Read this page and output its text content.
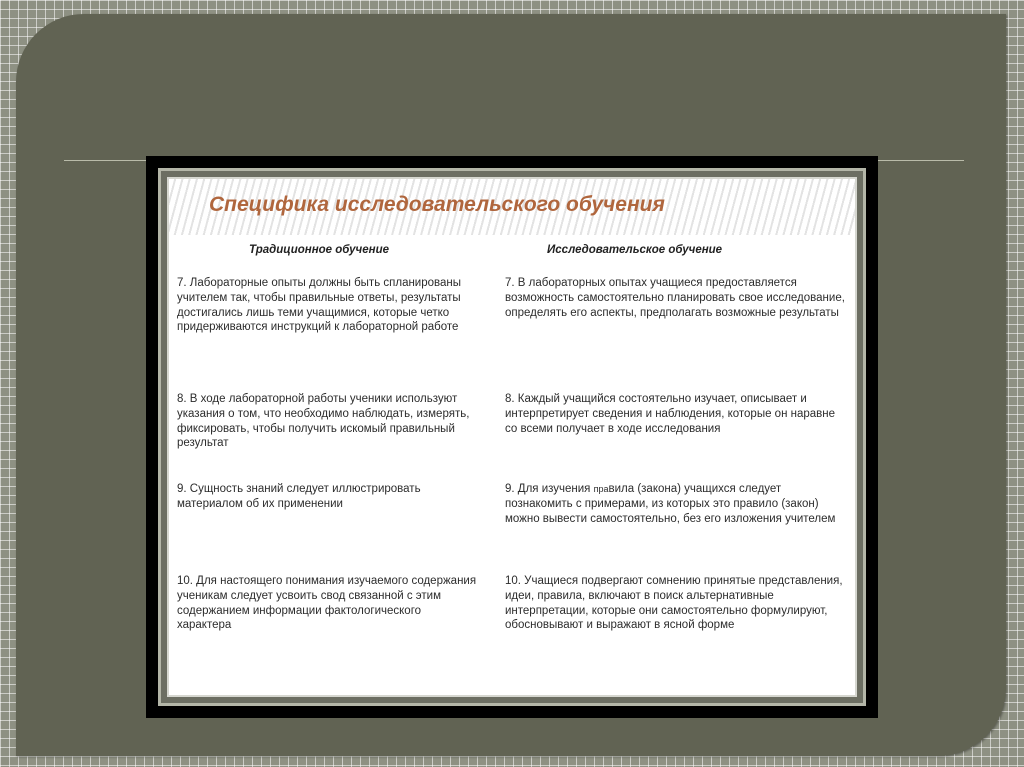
Специфика исследовательского обучения
Традиционное обучение	Исследовательское обучение

7. Лабораторные опыты должны быть спланированы учителем так, чтобы правильные ответы, результаты достигались лишь теми учащимися, которые четко придерживаются инструкций к лабораторной работе

7. В лабораторных опытах учащиеся предоставляется возможность самостоятельно планировать свое исследование, определять его аспекты, предполагать возможные результаты

8. В ходе лабораторной работы ученики используют указания о том, что необходимо наблюдать, измерять, фиксировать, чтобы получить искомый правильный результат

8. Каждый учащийся состоятельно изучает, описывает и интерпретирует сведения и наблюдения, которые он наравне со всеми получает в ходе исследования

9. Сущность знаний следует иллюстрировать материалом об их применении

9. Для изучения правила (закона) учащихся следует познакомить с примерами, из которых это правило (закон) можно вывести самостоятельно, без его изложения учителем

10. Для настоящего понимания изучаемого содержания ученикам следует усвоить свод связанной с этим содержанием информации фактологического характера

10. Учащиеся подвергают сомнению принятые представления, идеи, правила, включают в поиск альтернативные интерпретации, которые они самостоятельно формулируют, обосновывают и выражают в ясной форме
